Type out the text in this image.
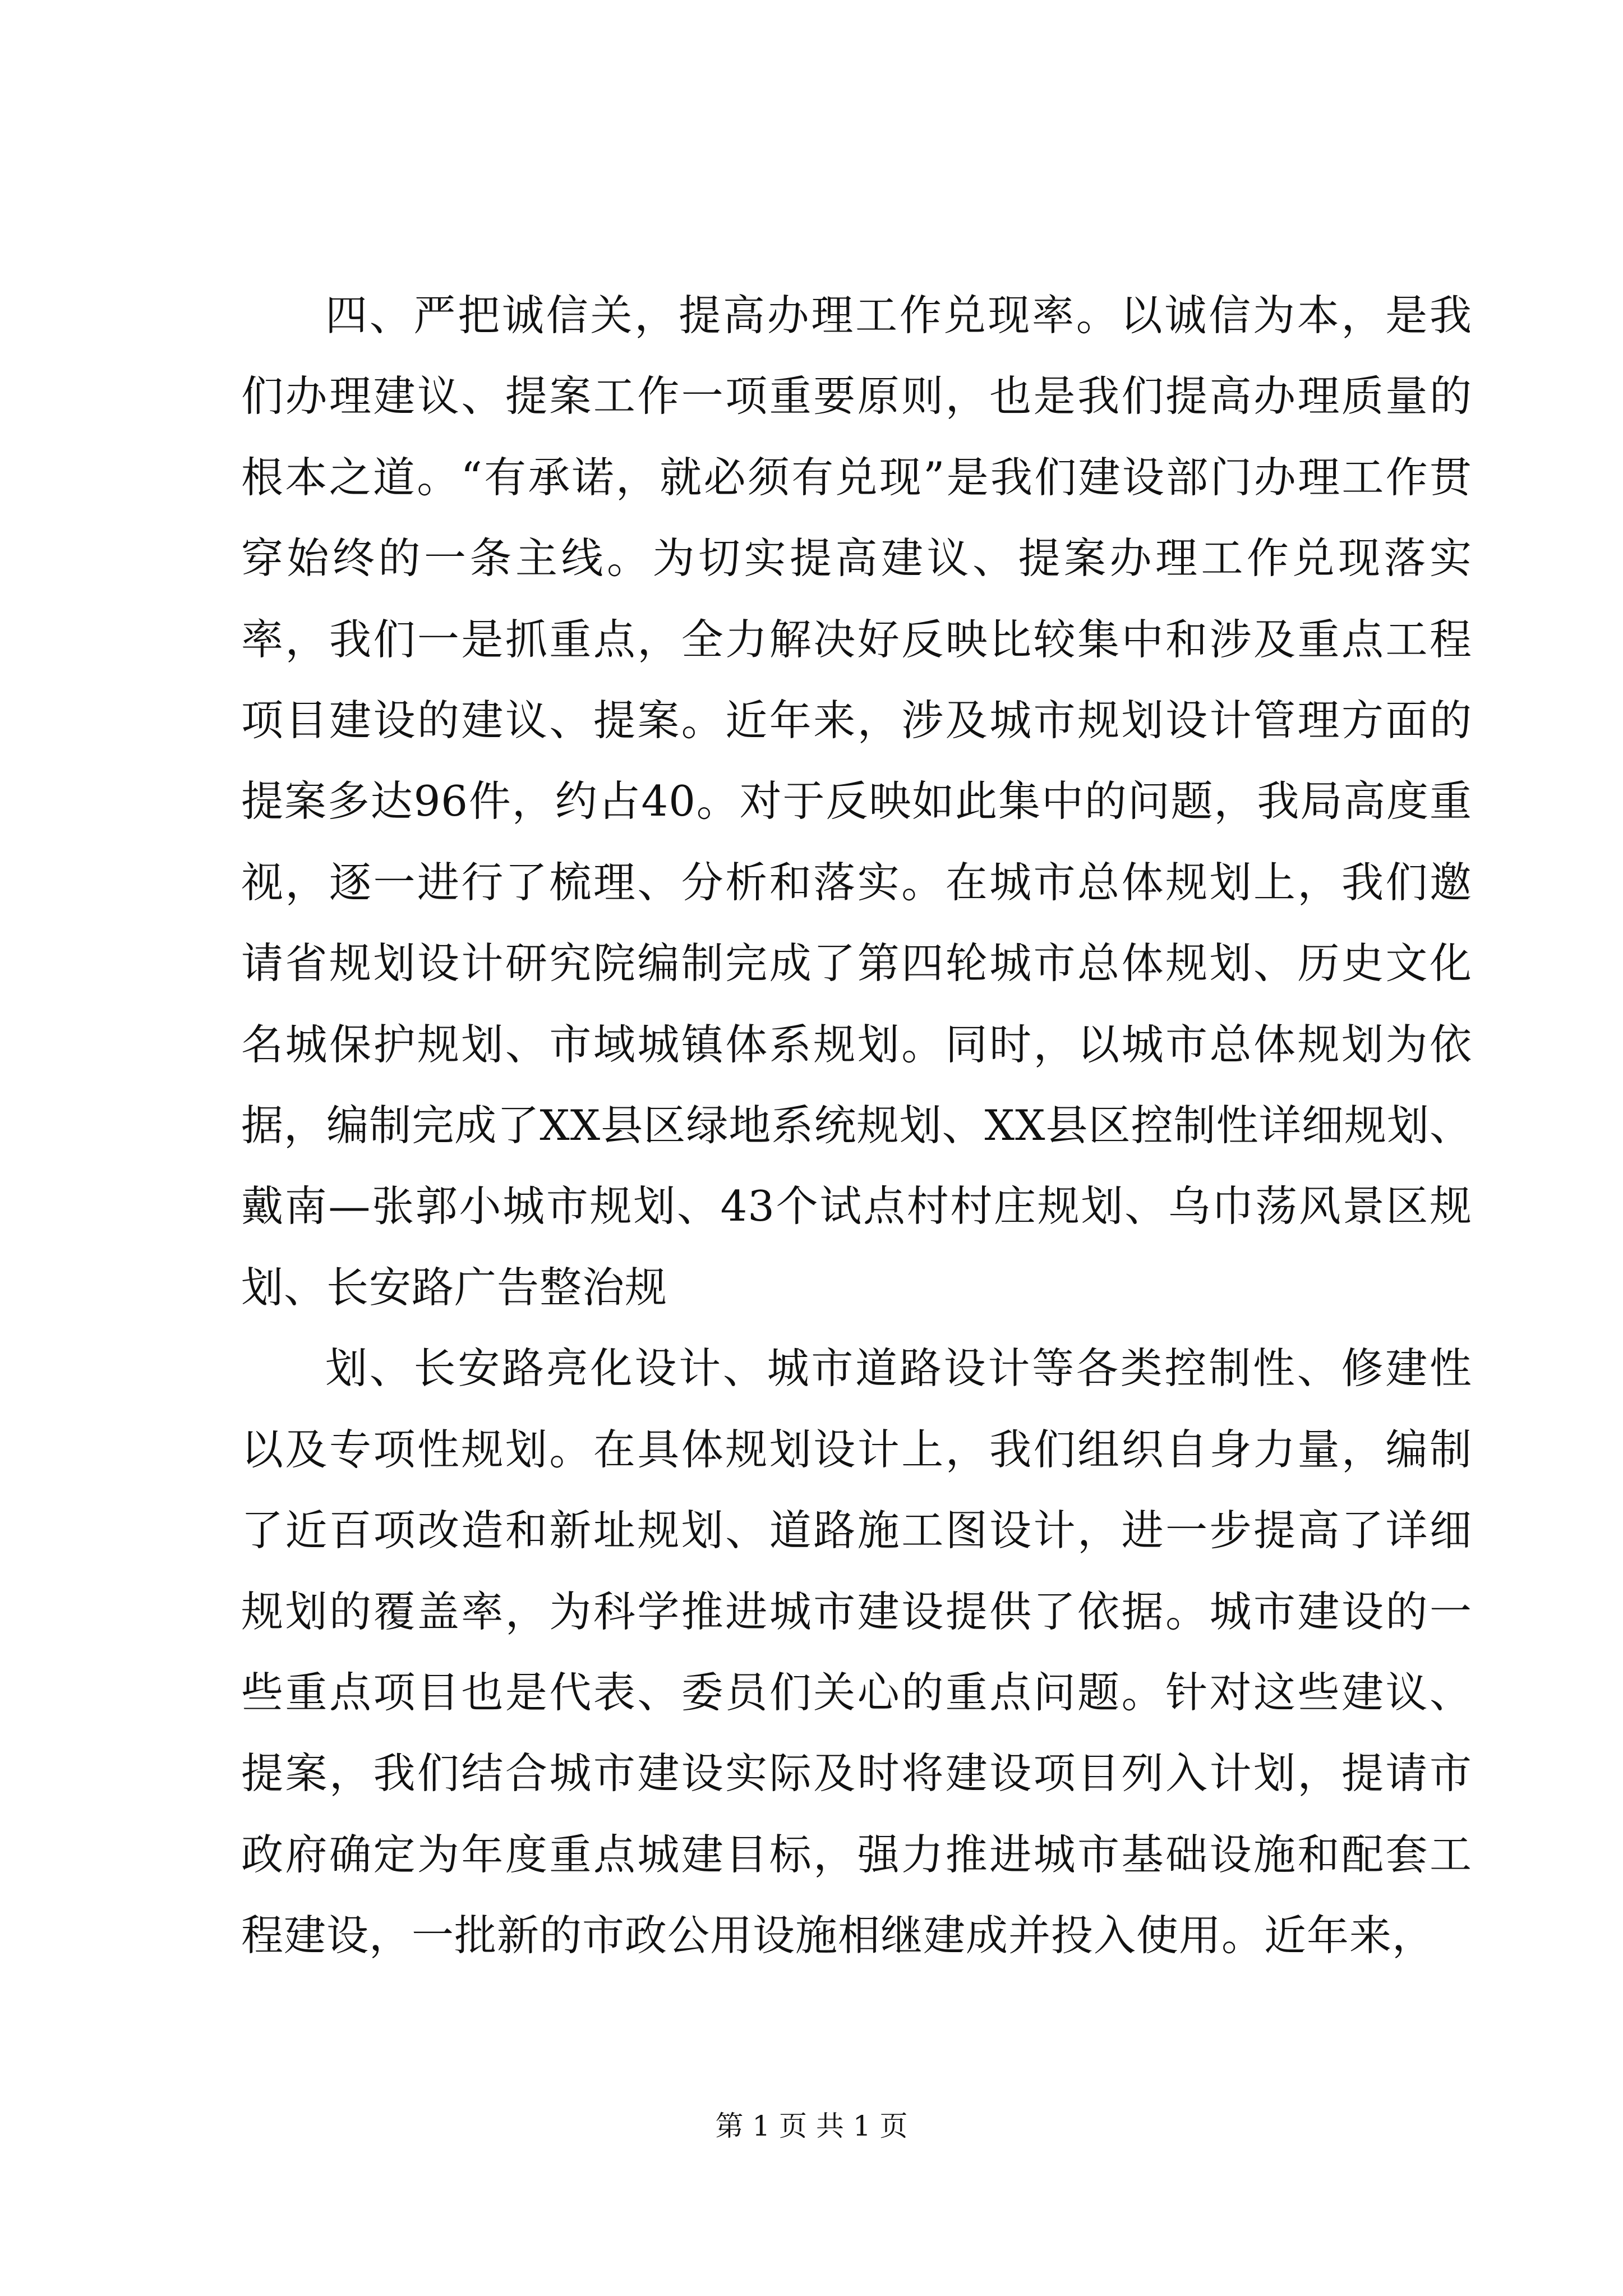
四、严把诚信关，提高办理工作兑现率。以诚信为本，是我们办理建议、提案工作一项重要原则，也是我们提高办理质量的根本之道。“有承诺，就必须有兑现”是我们建设部门办理工作贯穿始终的一条主线。为切实提高建议、提案办理工作兑现落实率，我们一是抓重点，全力解决好反映比较集中和涉及重点工程项目建设的建议、提案。近年来，涉及城市规划设计管理方面的提案多达96件，约占40。对于反映如此集中的问题，我局高度重视，逐一进行了梳理、分析和落实。在城市总体规划上，我们邀请省规划设计研究院编制完成了第四轮城市总体规划、历史文化名城保护规划、市域城镇体系规划。同时，以城市总体规划为依据，编制完成了XX县区绿地系统规划、XX县区控制性详细规划、戴南—张郭小城市规划、43个试点村村庄规划、乌巾荡风景区规划、长安路广告整治规

划、长安路亮化设计、城市道路设计等各类控制性、修建性以及专项性规划。在具体规划设计上，我们组织自身力量，编制了近百项改造和新址规划、道路施工图设计，进一步提高了详细规划的覆盖率，为科学推进城市建设提供了依据。城市建设的一些重点项目也是代表、委员们关心的重点问题。针对这些建议、提案，我们结合城市建设实际及时将建设项目列入计划，提请市政府确定为年度重点城建目标，强力推进城市基础设施和配套工程建设，一批新的市政公用设施相继建成并投入使用。近年来，

第 1 页 共 1 页
